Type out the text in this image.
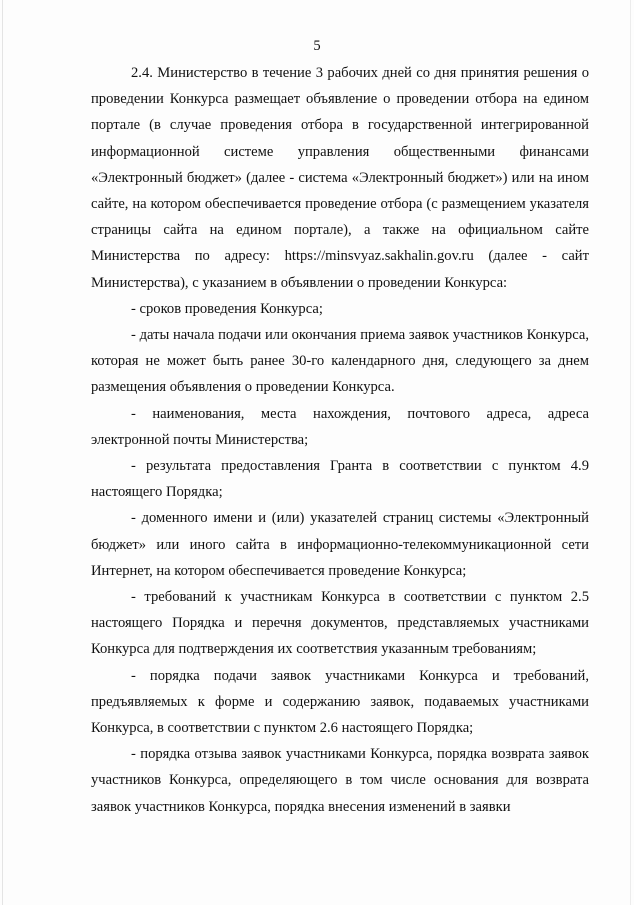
5

2.4. Министерство в течение 3 рабочих дней со дня принятия решения о проведении Конкурса размещает объявление о проведении отбора на едином портале (в случае проведения отбора в государственной интегрированной информационной системе управления общественными финансами «Электронный бюджет» (далее - система «Электронный бюджет») или на ином сайте, на котором обеспечивается проведение отбора (с размещением указателя страницы сайта на едином портале), а также на официальном сайте Министерства по адресу: https://minsvyaz.sakhalin.gov.ru (далее - сайт Министерства), с указанием в объявлении о проведении Конкурса:

- сроков проведения Конкурса;

- даты начала подачи или окончания приема заявок участников Конкурса, которая не может быть ранее 30-го календарного дня, следующего за днем размещения объявления о проведении Конкурса.

- наименования, места нахождения, почтового адреса, адреса электронной почты Министерства;

- результата предоставления Гранта в соответствии с пунктом 4.9 настоящего Порядка;

- доменного имени и (или) указателей страниц системы «Электронный бюджет» или иного сайта в информационно-телекоммуникационной сети Интернет, на котором обеспечивается проведение Конкурса;

- требований к участникам Конкурса в соответствии с пунктом 2.5 настоящего Порядка и перечня документов, представляемых участниками Конкурса для подтверждения их соответствия указанным требованиям;

- порядка подачи заявок участниками Конкурса и требований, предъявляемых к форме и содержанию заявок, подаваемых участниками Конкурса, в соответствии с пунктом 2.6 настоящего Порядка;

- порядка отзыва заявок участниками Конкурса, порядка возврата заявок участников Конкурса, определяющего в том числе основания для возврата заявок участников Конкурса, порядка внесения изменений в заявки
